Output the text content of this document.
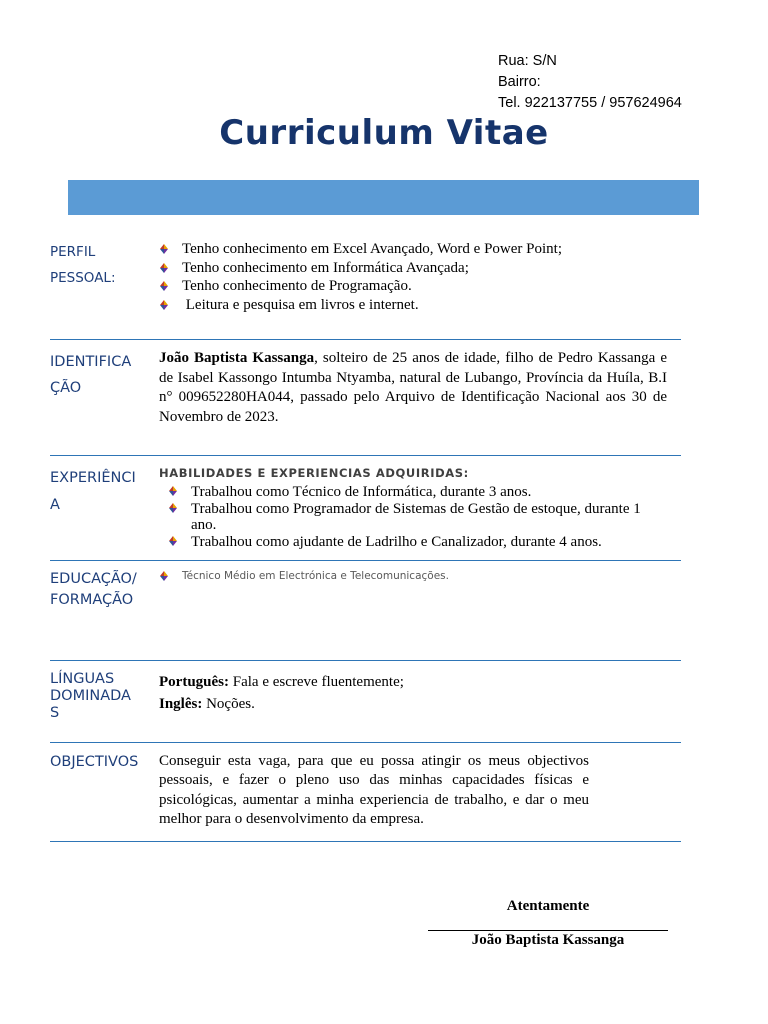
Rua: S/N
Bairro:
Tel. 922137755 / 957624964
Curriculum Vitae
PERFIL
PESSOAL:
Tenho conhecimento em Excel Avançado, Word e Power Point;
Tenho conhecimento em Informática Avançada;
Tenho conhecimento de Programação.
Leitura e pesquisa em livros e internet.
IDENTIFICA
ÇÃO
João Baptista Kassanga, solteiro de 25 anos de idade, filho de Pedro Kassanga e de Isabel Kassongo Intumba Ntyamba, natural de Lubango, Província da Huíla, B.I n° 009652280HA044, passado pelo Arquivo de Identificação Nacional aos 30 de Novembro de 2023.
EXPERIÊNCI
A
HABILIDADES E EXPERIENCIAS ADQUIRIDAS:
Trabalhou como Técnico de Informática, durante 3 anos.
Trabalhou como Programador de Sistemas de Gestão de estoque, durante 1 ano.
Trabalhou como ajudante de Ladrilho e Canalizador, durante 4 anos.
EDUCAÇÃO/
FORMAÇÃO
Técnico Médio em Electrónica e Telecomunicações.
LÍNGUAS
DOMINADA
S
Português: Fala e escreve fluentemente;
Inglês: Noções.
OBJECTIVOS	Conseguir esta vaga, para que eu possa atingir os meus objectivos pessoais, e fazer o pleno uso das minhas capacidades físicas e psicológicas, aumentar a minha experiencia de trabalho, e dar o meu melhor para o desenvolvimento da empresa.
Atentamente
João Baptista Kassanga
